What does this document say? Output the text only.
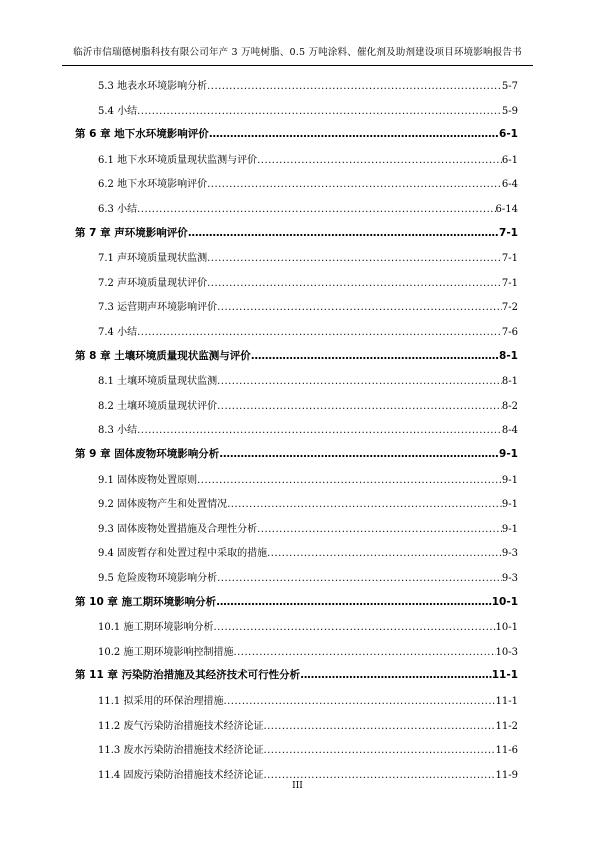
临沂市信瑞德树脂科技有限公司年产 3 万吨树脂、0.5 万吨涂料、催化剂及助剂建设项目环境影响报告书
5.3 地表水环境影响分析 .....	5-7
5.4 小结 .....	5-9
第 6 章 地下水环境影响评价 .....	6-1
6.1 地下水环境质量现状监测与评价 .....	6-1
6.2 地下水环境影响评价 .....	6-4
6.3 小结 .....	6-14
第 7 章 声环境影响评价 .....	7-1
7.1 声环境质量现状监测 .....	7-1
7.2 声环境质量现状评价 .....	7-1
7.3 运营期声环境影响评价 .....	7-2
7.4 小结 .....	7-6
第 8 章 土壤环境质量现状监测与评价 .....	8-1
8.1 土壤环境质量现状监测 .....	8-1
8.2 土壤环境质量现状评价 .....	8-2
8.3 小结 .....	8-4
第 9 章 固体废物环境影响分析 .....	9-1
9.1 固体废物处置原则 .....	9-1
9.2 固体废物产生和处置情况 .....	9-1
9.3 固体废物处置措施及合理性分析 .....	9-1
9.4 固废暂存和处置过程中采取的措施 .....	9-3
9.5 危险废物环境影响分析 .....	9-3
第 10 章 施工期环境影响分析 .....	10-1
10.1 施工期环境影响分析 .....	10-1
10.2 施工期环境影响控制措施 .....	10-3
第 11 章 污染防治措施及其经济技术可行性分析 .....	11-1
11.1 拟采用的环保治理措施 .....	11-1
11.2 废气污染防治措施技术经济论证 .....	11-2
11.3 废水污染防治措施技术经济论证 .....	11-6
11.4 固废污染防治措施技术经济论证 .....	11-9
III
